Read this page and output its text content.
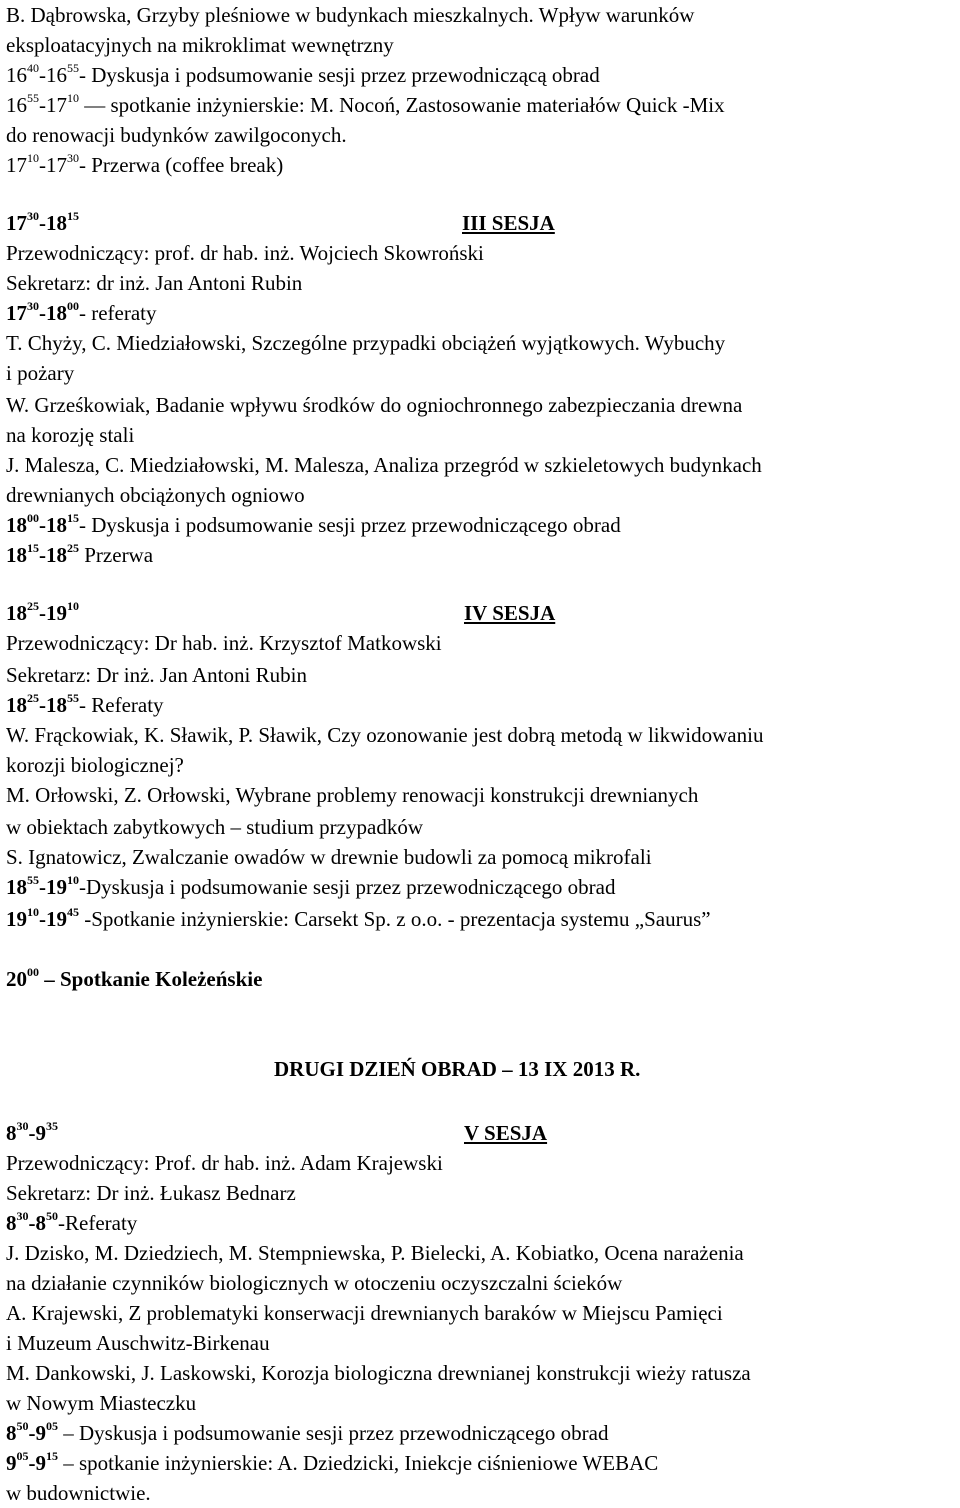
B. Dąbrowska, Grzyby pleśniowe w budynkach mieszkalnych. Wpływ warunków
eksploatacyjnych na mikroklimat wewnętrzny
$16^{40}-16^{55}-$ Dyskusja i podsumowanie sesji przez przewodniczącą obrad
$16^{55}-17^{10}$ — spotkanie inżynierskie: M. Nocoń, Zastosowanie materiałów Quick -Mix
do renowacji budynków zawilgoconych.
$17^{10}-17^{30}-$ Przerwa (coffee break)
$17^{30}-18^{15}$	III SESJA
Przewodniczący: prof. dr hab. inż. Wojciech Skowroński
Sekretarz: dr inż. Jan Antoni Rubin
$17^{30}-18^{00}-$ referaty
T. Chyży, C. Miedziałowski, Szczególne przypadki obciążeń wyjątkowych. Wybuchy
i pożary
W. Grześkowiak, Badanie wpływu środków do ogniochronnego zabezpieczania drewna
na korozję stali
J. Malesza, C. Miedziałowski, M. Malesza, Analiza przegród w szkieletowych budynkach
drewnianych obciążonych ogniowo
$18^{00}-18^{15}-$ Dyskusja i podsumowanie sesji przez przewodniczącego obrad
$18^{15}-18^{25}$ Przerwa
$18^{25}-19^{10}$	IV SESJA
Przewodniczący: Dr hab. inż. Krzysztof Matkowski
Sekretarz: Dr inż. Jan Antoni Rubin
$18^{25}-18^{55}-$ Referaty
W. Frąckowiak, K. Sławik, P. Sławik, Czy ozonowanie jest dobrą metodą w likwidowaniu
korozji biologicznej?
M. Orłowski, Z. Orłowski, Wybrane problemy renowacji konstrukcji drewnianych
w obiektach zabytkowych – studium przypadków
S. Ignatowicz, Zwalczanie owadów w drewnie budowli za pomocą mikrofali
$18^{55}-19^{10}$-Dyskusja i podsumowanie sesji przez przewodniczącego obrad
$19^{10}-19^{45}$ -Spotkanie inżynierskie: Carsekt Sp. z o.o. - prezentacja systemu „Saurus”
$20^{00}$ – Spotkanie Koleżeńskie
DRUGI DZIEŃ OBRAD – 13 IX 2013 R.
$8^{30}-9^{35}$	V SESJA
Przewodniczący: Prof. dr hab. inż. Adam Krajewski
Sekretarz: Dr inż. Łukasz Bednarz
$8^{30}-8^{50}$-Referaty
J. Dzisko, M. Dziedziech, M. Stempniewska, P. Bielecki, A. Kobiatko, Ocena narażenia
na działanie czynników biologicznych w otoczeniu oczyszczalni ścieków
A. Krajewski, Z problematyki konserwacji drewnianych baraków w Miejscu Pamięci
i Muzeum Auschwitz-Birkenau
M. Dankowski, J. Laskowski, Korozja biologiczna drewnianej konstrukcji wieży ratusza
w Nowym Miasteczku
$8^{50}-9^{05}$ – Dyskusja i podsumowanie sesji przez przewodniczącego obrad
$9^{05}-9^{15}$ – spotkanie inżynierskie: A. Dziedzicki, Iniekcje ciśnieniowe WEBAC
w budownictwie.
